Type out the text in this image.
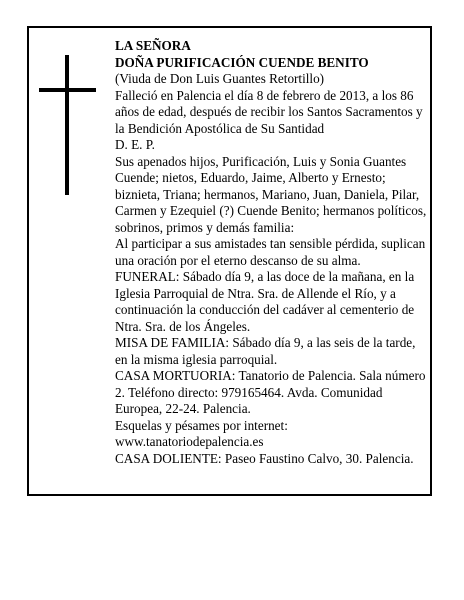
LA SEÑORA

DOÑA PURIFICACIÓN CUENDE BENITO

(Viuda de Don Luis Guantes Retortillo)

Falleció en Palencia el día 8 de febrero de 2013, a los 86 años de edad, después de recibir los Santos Sacramentos y la Bendición Apostólica de Su Santidad

D. E. P.

Sus apenados hijos, Purificación, Luis y Sonia Guantes Cuende; nietos, Eduardo, Jaime, Alberto y Ernesto; biznieta, Triana; hermanos, Mariano, Juan, Daniela, Pilar, Carmen y Ezequiel (?) Cuende Benito; hermanos políticos, sobrinos, primos y demás familia:

Al participar a sus amistades tan sensible pérdida, suplican una oración por el eterno descanso de su alma.

FUNERAL: Sábado día 9, a las doce de la mañana, en la Iglesia Parroquial de Ntra. Sra. de Allende el Río, y a continuación la conducción del cadáver al cementerio de Ntra. Sra. de los Ángeles.

MISA DE FAMILIA: Sábado día 9, a las seis de la tarde, en la misma iglesia parroquial.

CASA MORTUORIA: Tanatorio de Palencia. Sala número 2. Teléfono directo: 979165464. Avda. Comunidad Europea, 22-24. Palencia.

Esquelas y pésames por internet:

www.tanatoriodepalencia.es

CASA DOLIENTE: Paseo Faustino Calvo, 30. Palencia.
